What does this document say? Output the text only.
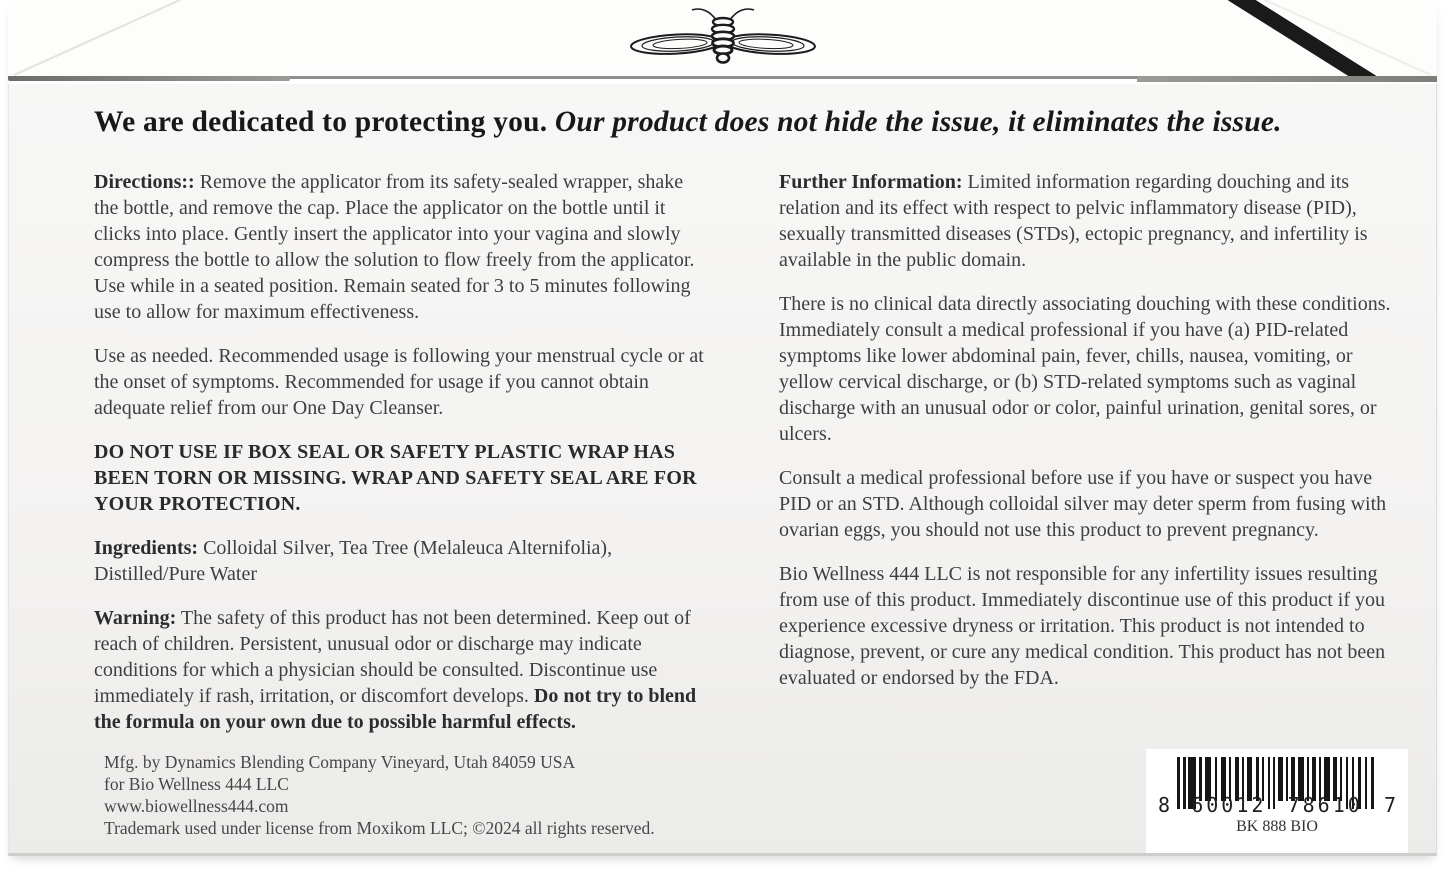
We are dedicated to protecting you. Our product does not hide the issue, it eliminates the issue.

Directions:: Remove the applicator from its safety-sealed wrapper, shake the bottle, and remove the cap. Place the applicator on the bottle until it clicks into place. Gently insert the applicator into your vagina and slowly compress the bottle to allow the solution to flow freely from the applicator. Use while in a seated position. Remain seated for 3 to 5 minutes following use to allow for maximum effectiveness.

Use as needed. Recommended usage is following your menstrual cycle or at the onset of symptoms. Recommended for usage if you cannot obtain adequate relief from our One Day Cleanser.

DO NOT USE IF BOX SEAL OR SAFETY PLASTIC WRAP HAS BEEN TORN OR MISSING. WRAP AND SAFETY SEAL ARE FOR YOUR PROTECTION.

Ingredients: Colloidal Silver, Tea Tree (Melaleuca Alternifolia), Distilled/Pure Water

Warning: The safety of this product has not been determined. Keep out of reach of children. Persistent, unusual odor or discharge may indicate conditions for which a physician should be consulted. Discontinue use immediately if rash, irritation, or discomfort develops. Do not try to blend the formula on your own due to possible harmful effects.

Further Information: Limited information regarding douching and its relation and its effect with respect to pelvic inflammatory disease (PID), sexually transmitted diseases (STDs), ectopic pregnancy, and infertility is available in the public domain.

There is no clinical data directly associating douching with these conditions. Immediately consult a medical professional if you have (a) PID-related symptoms like lower abdominal pain, fever, chills, nausea, vomiting, or yellow cervical discharge, or (b) STD-related symptoms such as vaginal discharge with an unusual odor or color, painful urination, genital sores, or ulcers.

Consult a medical professional before use if you have or suspect you have PID or an STD. Although colloidal silver may deter sperm from fusing with ovarian eggs, you should not use this product to prevent pregnancy.

Bio Wellness 444 LLC is not responsible for any infertility issues resulting from use of this product. Immediately discontinue use of this product if you experience excessive dryness or irritation. This product is not intended to diagnose, prevent, or cure any medical condition. This product has not been evaluated or endorsed by the FDA.

Mfg. by Dynamics Blending Company Vineyard, Utah 84059 USA
for Bio Wellness 444 LLC
www.biowellness444.com
Trademark used under license from Moxikom LLC; ©2024 all rights reserved.
8 60012 78610 7
BK 888 BIO
